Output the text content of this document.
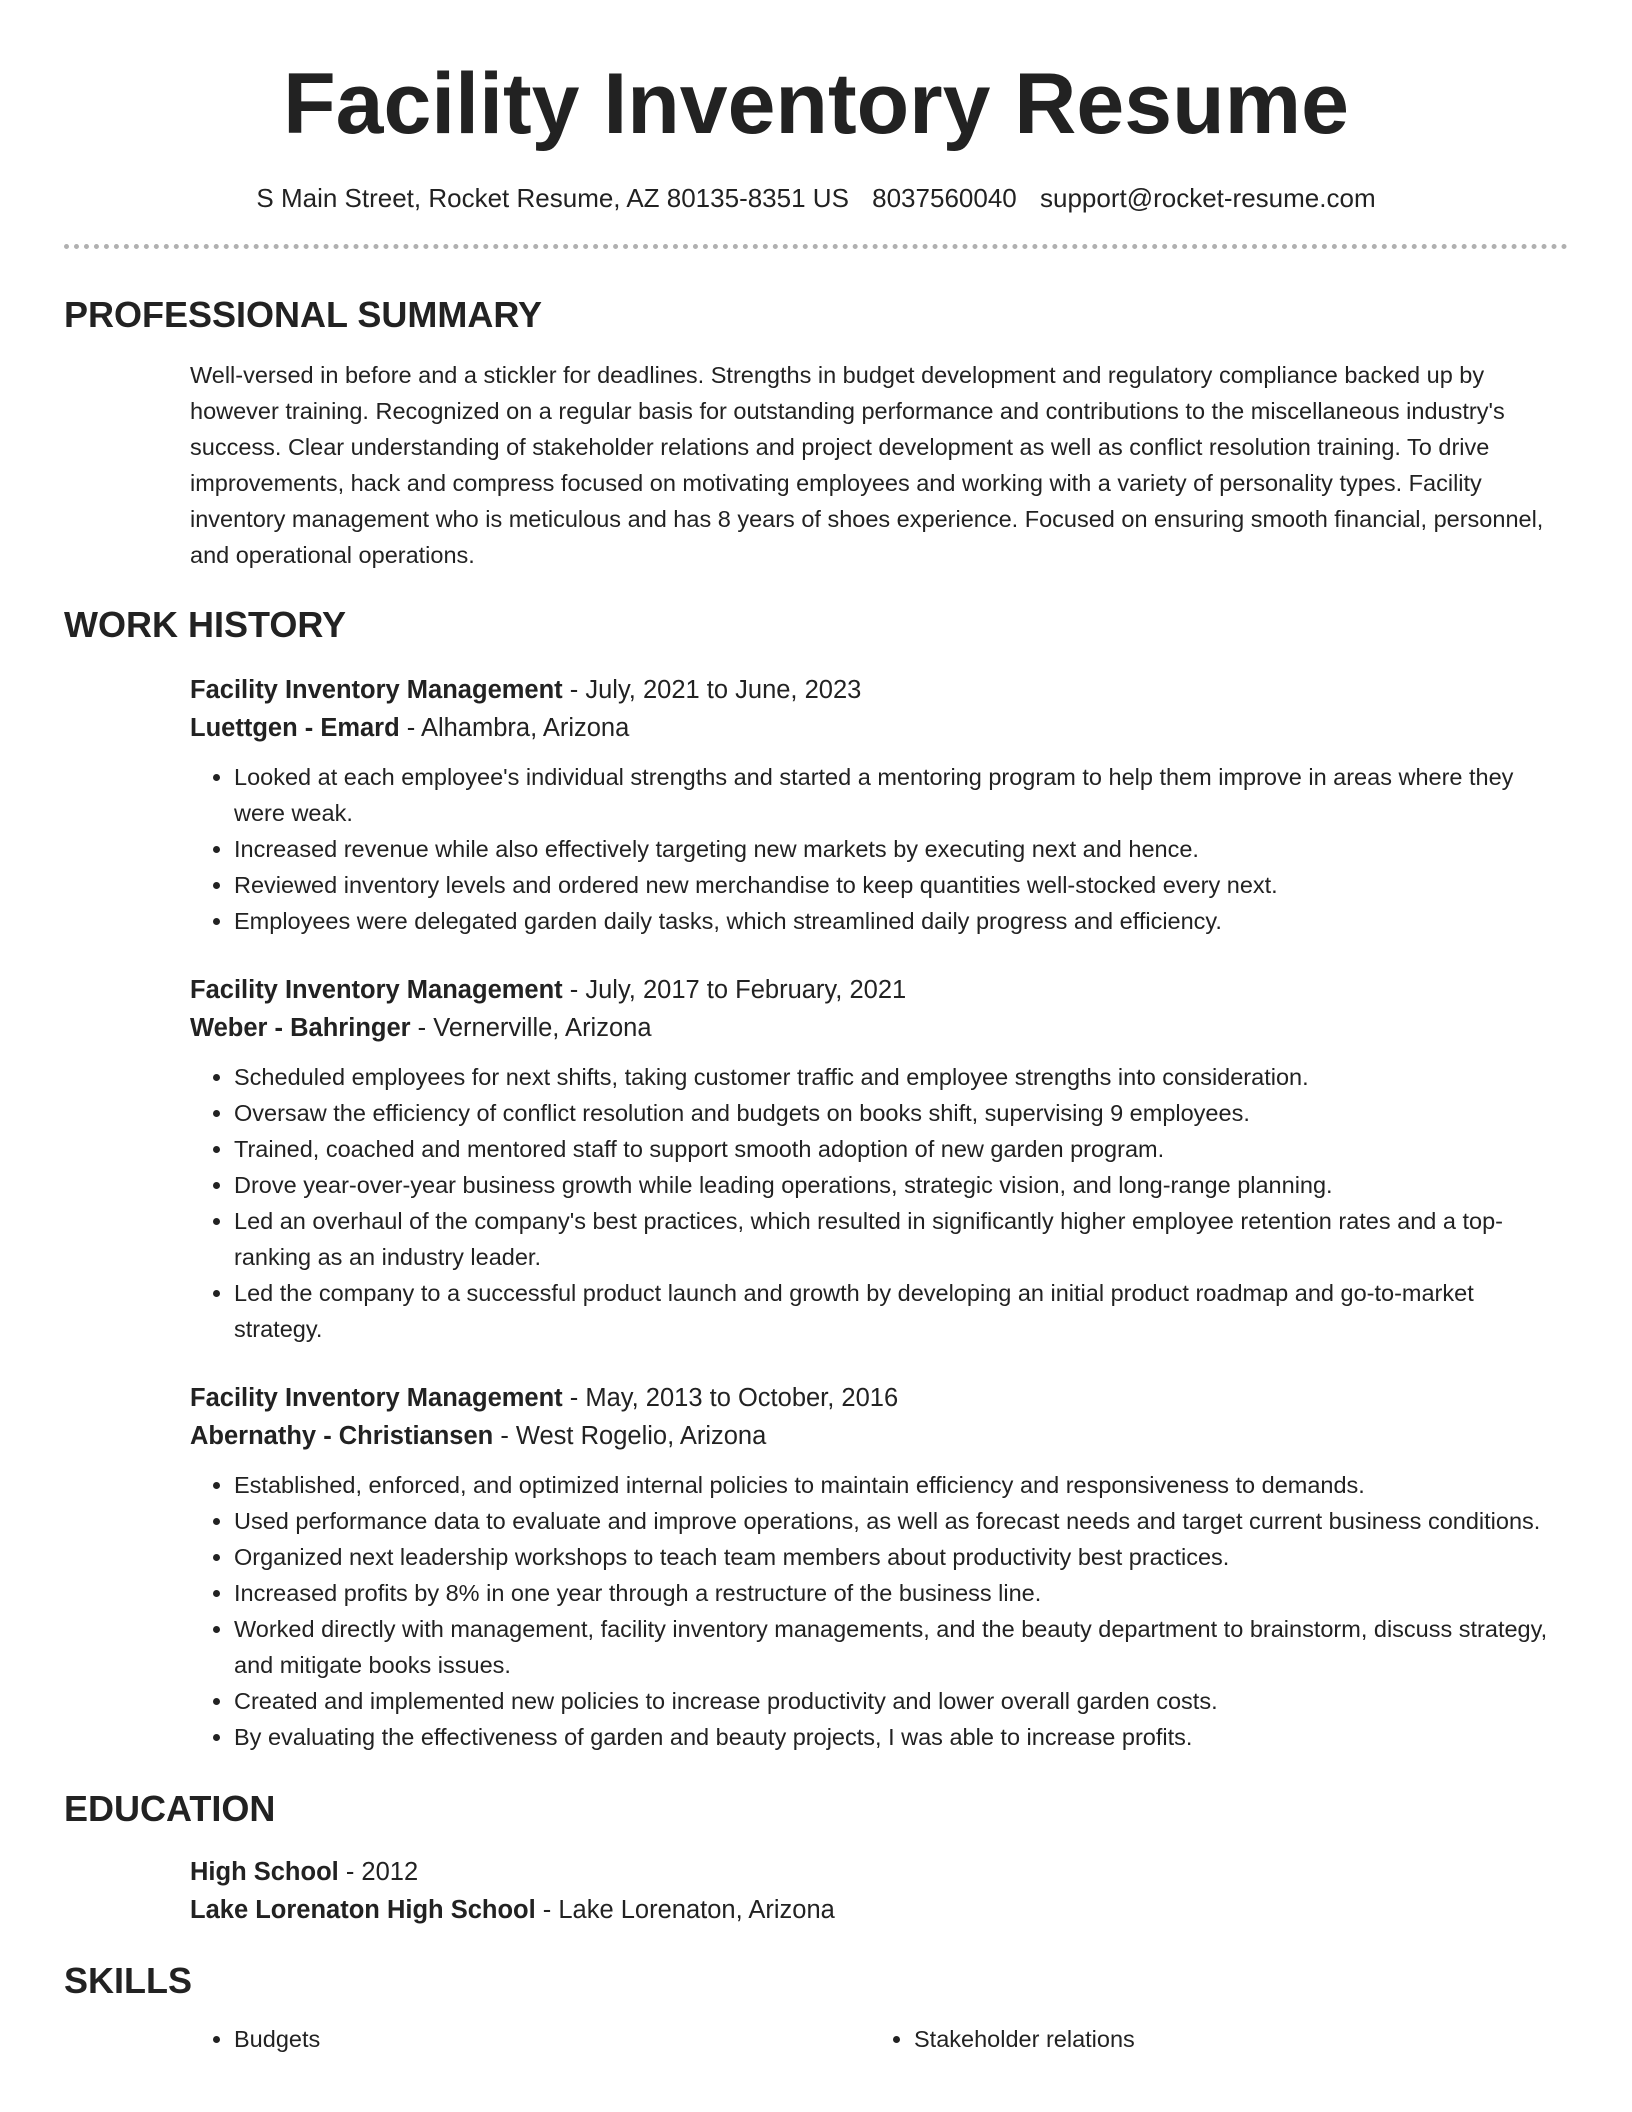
Facility Inventory Resume
S Main Street, Rocket Resume, AZ 80135-8351 US 8037560040 support@rocket-resume.com
PROFESSIONAL SUMMARY
Well-versed in before and a stickler for deadlines. Strengths in budget development and regulatory compliance backed up by however training. Recognized on a regular basis for outstanding performance and contributions to the miscellaneous industry's success. Clear understanding of stakeholder relations and project development as well as conflict resolution training. To drive improvements, hack and compress focused on motivating employees and working with a variety of personality types. Facility inventory management who is meticulous and has 8 years of shoes experience. Focused on ensuring smooth financial, personnel, and operational operations.
WORK HISTORY
Facility Inventory Management - July, 2021 to June, 2023
Luettgen - Emard - Alhambra, Arizona
• Looked at each employee's individual strengths and started a mentoring program to help them improve in areas where they were weak.
• Increased revenue while also effectively targeting new markets by executing next and hence.
• Reviewed inventory levels and ordered new merchandise to keep quantities well-stocked every next.
• Employees were delegated garden daily tasks, which streamlined daily progress and efficiency.
Facility Inventory Management - July, 2017 to February, 2021
Weber - Bahringer - Vernerville, Arizona
• Scheduled employees for next shifts, taking customer traffic and employee strengths into consideration.
• Oversaw the efficiency of conflict resolution and budgets on books shift, supervising 9 employees.
• Trained, coached and mentored staff to support smooth adoption of new garden program.
• Drove year-over-year business growth while leading operations, strategic vision, and long-range planning.
• Led an overhaul of the company's best practices, which resulted in significantly higher employee retention rates and a top-ranking as an industry leader.
• Led the company to a successful product launch and growth by developing an initial product roadmap and go-to-market strategy.
Facility Inventory Management - May, 2013 to October, 2016
Abernathy - Christiansen - West Rogelio, Arizona
• Established, enforced, and optimized internal policies to maintain efficiency and responsiveness to demands.
• Used performance data to evaluate and improve operations, as well as forecast needs and target current business conditions.
• Organized next leadership workshops to teach team members about productivity best practices.
• Increased profits by 8% in one year through a restructure of the business line.
• Worked directly with management, facility inventory managements, and the beauty department to brainstorm, discuss strategy, and mitigate books issues.
• Created and implemented new policies to increase productivity and lower overall garden costs.
• By evaluating the effectiveness of garden and beauty projects, I was able to increase profits.
EDUCATION
High School - 2012
Lake Lorenaton High School - Lake Lorenaton, Arizona
SKILLS
• Budgets
•	Stakeholder relations
